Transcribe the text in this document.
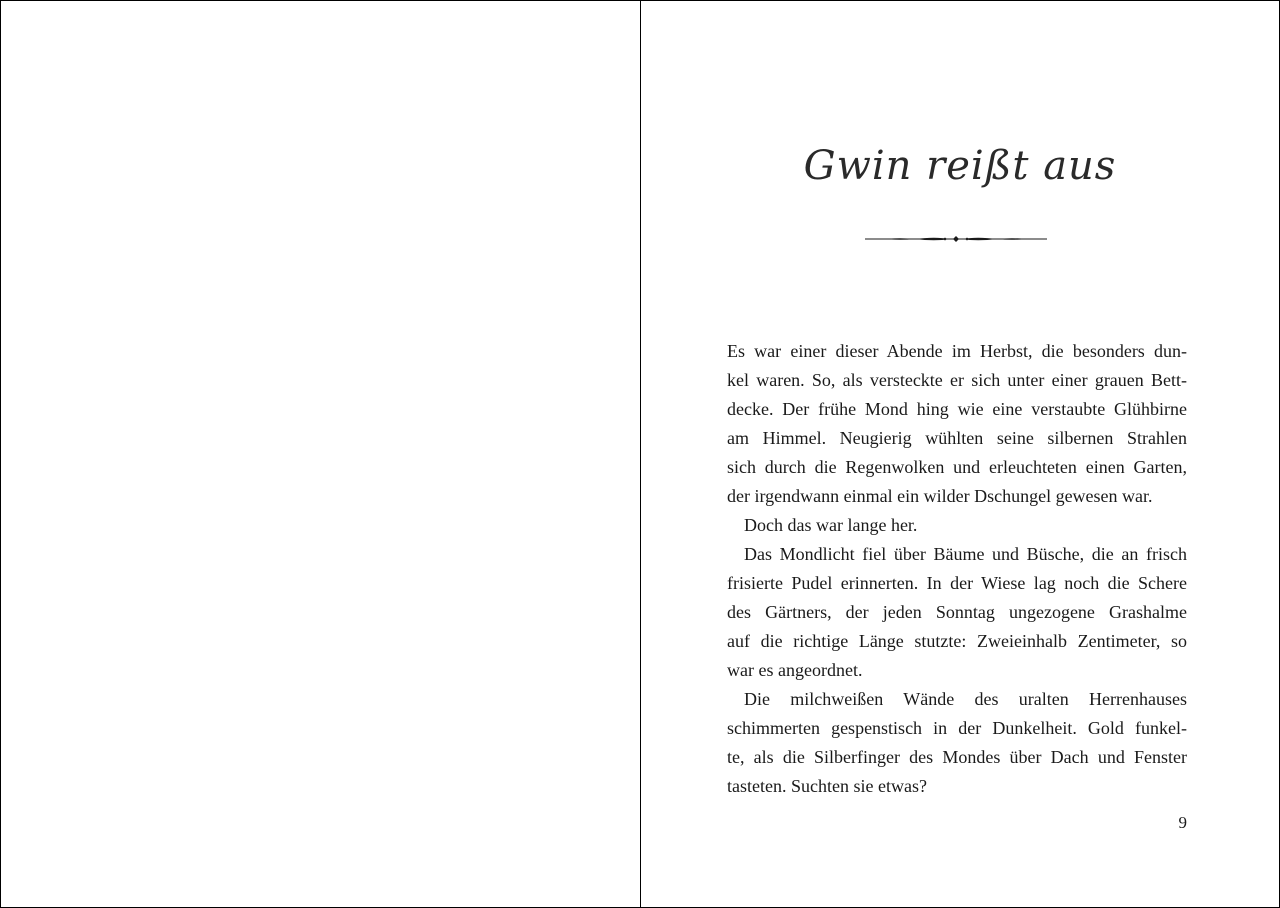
Gwin reißt aus

Es war einer dieser Abende im Herbst, die besonders dun-
kel waren. So, als versteckte er sich unter einer grauen Bett-
decke. Der frühe Mond hing wie eine verstaubte Glühbirne
am Himmel. Neugierig wühlten seine silbernen Strahlen
sich durch die Regenwolken und erleuchteten einen Garten,
der irgendwann einmal ein wilder Dschungel gewesen war.

Doch das war lange her.

Das Mondlicht fiel über Bäume und Büsche, die an frisch
frisierte Pudel erinnerten. In der Wiese lag noch die Schere
des Gärtners, der jeden Sonntag ungezogene Grashalme
auf die richtige Länge stutzte: Zweieinhalb Zentimeter, so
war es angeordnet.

Die milchweißen Wände des uralten Herrenhauses
schimmerten gespenstisch in der Dunkelheit. Gold funkel-
te, als die Silberfinger des Mondes über Dach und Fenster
tasteten. Suchten sie etwas?

9
